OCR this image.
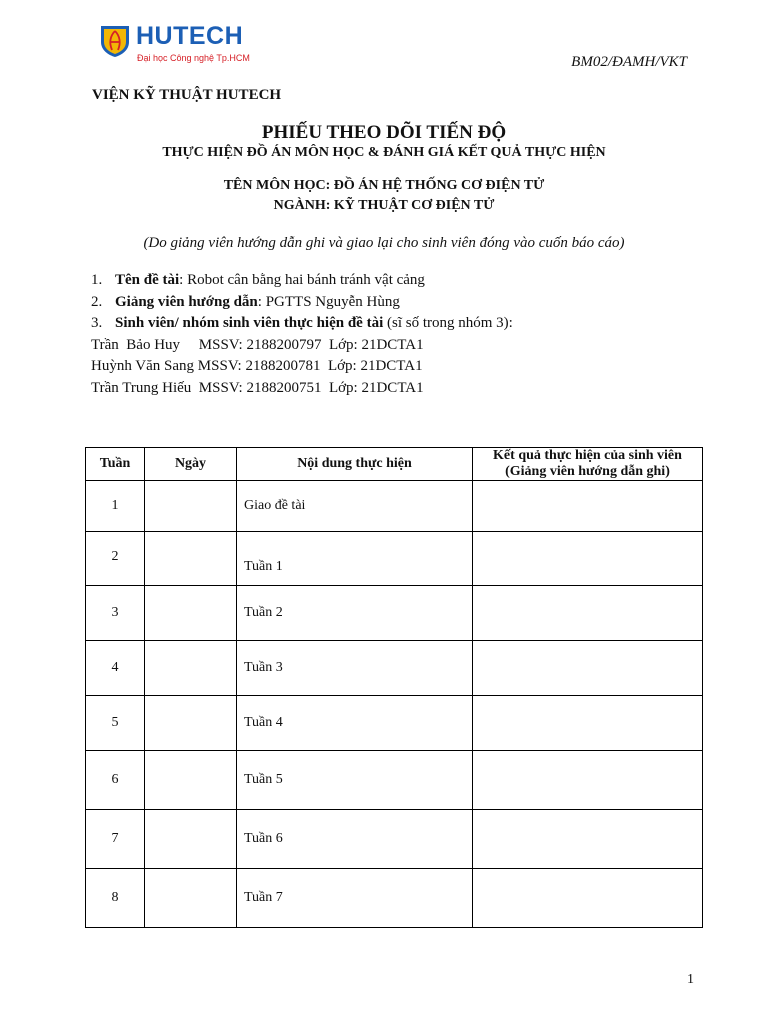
HUTECH
Đại học Công nghệ Tp.HCM	BM02/ĐAMH/VKT
VIỆN KỸ THUẬT HUTECH
PHIẾU THEO DÕI TIẾN ĐỘ
THỰC HIỆN ĐỒ ÁN MÔN HỌC & ĐÁNH GIÁ KẾT QUẢ THỰC HIỆN
TÊN MÔN HỌC: ĐỒ ÁN HỆ THỐNG CƠ ĐIỆN TỬ
NGÀNH: KỸ THUẬT CƠ ĐIỆN TỬ
(Do giảng viên hướng dẫn ghi và giao lại cho sinh viên đóng vào cuốn báo cáo)
1. Tên đề tài: Robot cân bằng hai bánh tránh vật cảng
2. Giảng viên hướng dẫn: PGTTS Nguyễn Hùng
3. Sinh viên/ nhóm sinh viên thực hiện đề tài (sĩ số trong nhóm 3):
Trần  Bảo Huy     MSSV: 2188200797  Lớp: 21DCTA1
Huỳnh Văn Sang MSSV: 2188200781  Lớp: 21DCTA1
Trần Trung Hiếu  MSSV: 2188200751  Lớp: 21DCTA1
Tuần	Ngày	Nội dung thực hiện	Kết quả thực hiện của sinh viên
(Giảng viên hướng dẫn ghi)

1		Giao đề tài	
2		Tuần 1	
3		Tuần 2	
4		Tuần 3	
5		Tuần 4	
6		Tuần 5	
7		Tuần 6	
8		Tuần 7	
1
